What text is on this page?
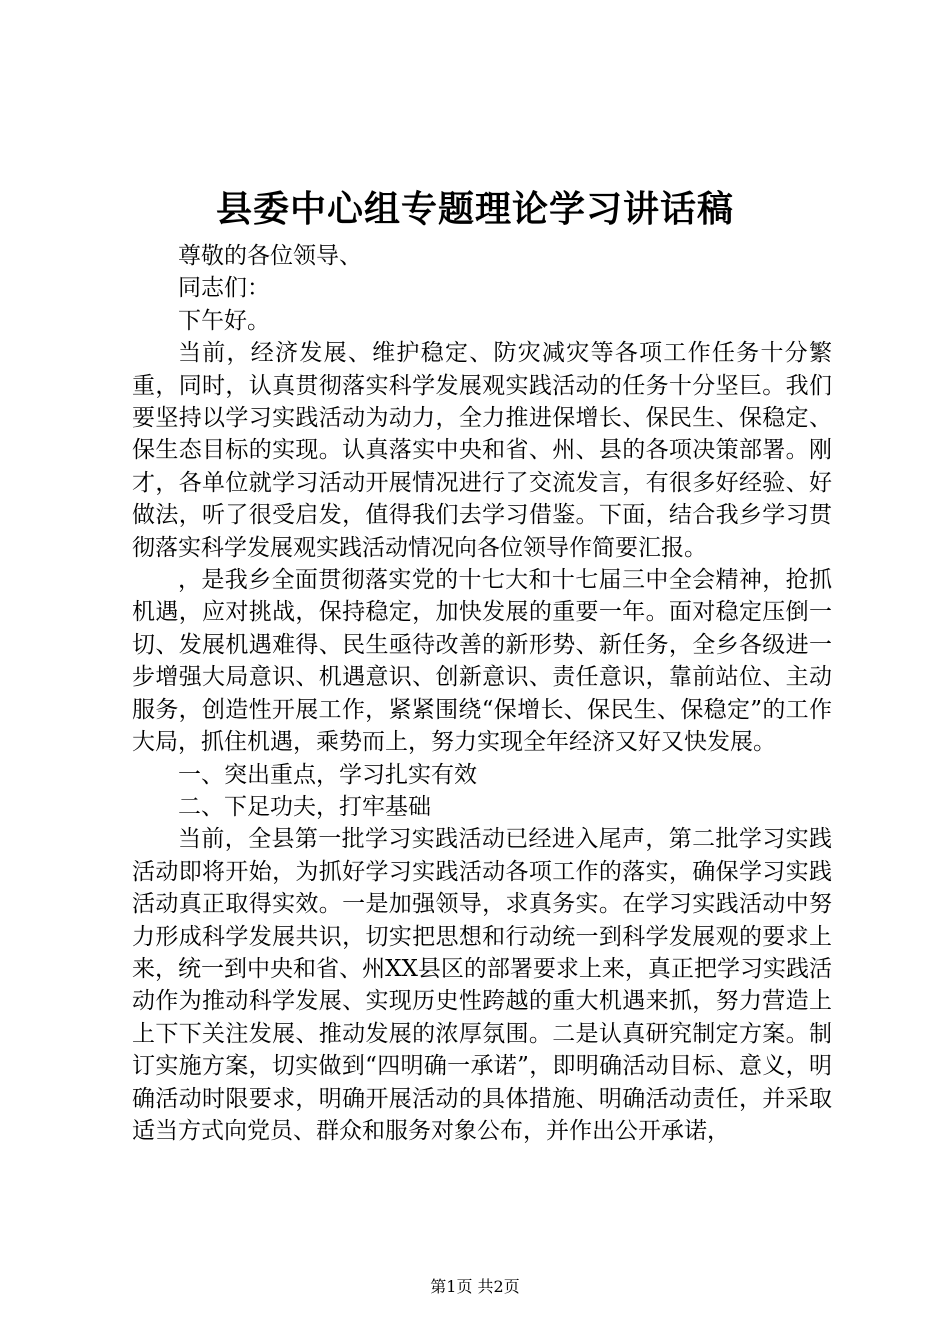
县委中心组专题理论学习讲话稿

尊敬的各位领导、

同志们：

下午好。

当前，经济发展、维护稳定、防灾减灾等各项工作任务十分繁重，同时，认真贯彻落实科学发展观实践活动的任务十分坚巨。我们要坚持以学习实践活动为动力，全力推进保增长、保民生、保稳定、保生态目标的实现。认真落实中央和省、州、县的各项决策部署。刚才，各单位就学习活动开展情况进行了交流发言，有很多好经验、好做法，听了很受启发，值得我们去学习借鉴。下面，结合我乡学习贯彻落实科学发展观实践活动情况向各位领导作简要汇报。

，是我乡全面贯彻落实党的十七大和十七届三中全会精神，抢抓机遇，应对挑战，保持稳定，加快发展的重要一年。面对稳定压倒一切、发展机遇难得、民生亟待改善的新形势、新任务，全乡各级进一步增强大局意识、机遇意识、创新意识、责任意识，靠前站位、主动服务，创造性开展工作，紧紧围绕“保增长、保民生、保稳定”的工作大局，抓住机遇，乘势而上，努力实现全年经济又好又快发展。

一、突出重点，学习扎实有效

二、下足功夫，打牢基础

当前，全县第一批学习实践活动已经进入尾声，第二批学习实践活动即将开始，为抓好学习实践活动各项工作的落实，确保学习实践活动真正取得实效。一是加强领导，求真务实。在学习实践活动中努力形成科学发展共识，切实把思想和行动统一到科学发展观的要求上来，统一到中央和省、州XX县区的部署要求上来，真正把学习实践活动作为推动科学发展、实现历史性跨越的重大机遇来抓，努力营造上上下下关注发展、推动发展的浓厚氛围。二是认真研究制定方案。制订实施方案，切实做到“四明确一承诺”，即明确活动目标、意义，明确活动时限要求，明确开展活动的具体措施、明确活动责任，并采取适当方式向党员、群众和服务对象公布，并作出公开承诺，

第1页 共2页
